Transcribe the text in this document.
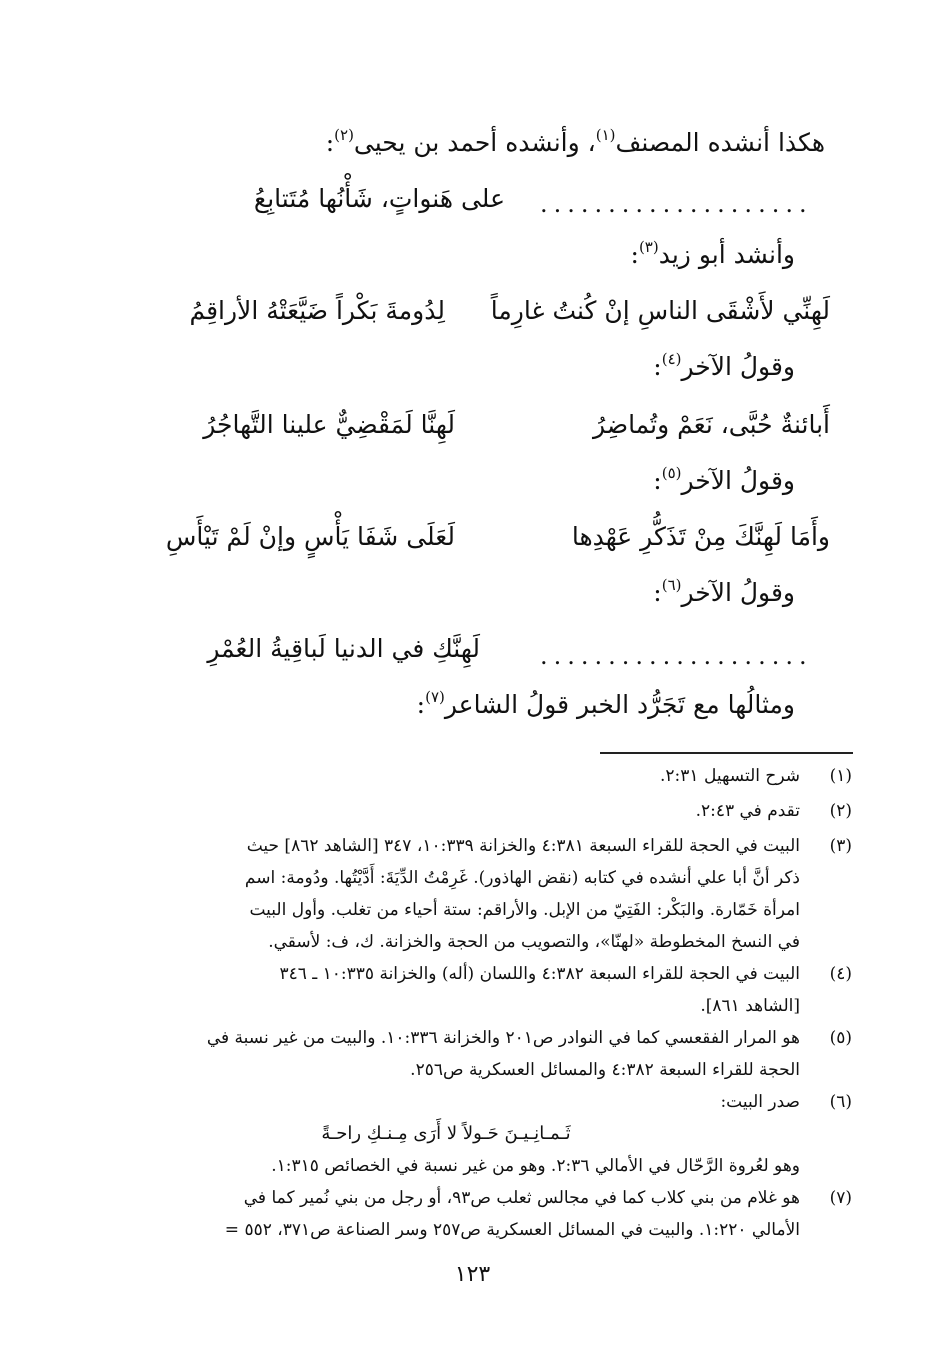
هكذا أنشده المصنف$^{(١)}$، وأنشده أحمد بن يحيى$^{(٢)}$:
....................
على هَنواتٍ، شَأْنُها مُتَتابِعُ
وأنشد أبو زيد$^{(٣)}$:
لَهِنِّي لأَشْقَى الناسِ إنْ كُنتُ غارِماً
لِدُومةَ بَكْراً ضَيَّعَتْهُ الأراقِمُ
وقولُ الآخر$^{(٤)}$:
أَبائنةٌ حُبَّى، نَعَمْ وتُماضِرُ
لَهِنَّا لَمَقْضِيٌّ علينا التَّهاجُرُ
وقولُ الآخر$^{(٥)}$:
وأَمَا لَهِنَّكَ مِنْ تَذَكُّرِ عَهْدِها
لَعَلَى شَفَا يَأْسٍ وإنْ لَمْ تَيْأَسِ
وقولُ الآخر$^{(٦)}$:
....................
لَهِنَّكِ في الدنيا لَباقِيةُ العُمْرِ
ومثالُها مع تَجَرُّد الخبر قولُ الشاعر$^{(٧)}$:
(١)

شرح التسهيل ٢:٣١.

(٢)

تقدم في ٢:٤٣.

(٣)

البيت في الحجة للقراء السبعة ٤:٣٨١ والخزانة ١٠:٣٣٩، ٣٤٧ [الشاهد ٨٦٢] حيث

ذكر أنَّ أبا علي أنشده في كتابه (نقض الهاذور). غَرِمْتُ الدِّيَةَ: أَدَّيْتُها. ودُومة: اسم

امرأة خَمّارة. والبَكْر: الفَتِيّ من الإبل. والأراقم: ستة أحياء من تغلب. وأول البيت

في النسخ المخطوطة «لهنّا»، والتصويب من الحجة والخزانة. ك، ف: لأسقي.

(٤)

البيت في الحجة للقراء السبعة ٤:٣٨٢ واللسان (أله) والخزانة ١٠:٣٣٥ ـ ٣٤٦

[الشاهد ٨٦١].

(٥)

هو المرار الفقعسي كما في النوادر ص٢٠١ والخزانة ١٠:٣٣٦. والبيت من غير نسبة في

الحجة للقراء السبعة ٤:٣٨٢ والمسائل العسكرية ص٢٥٦.

(٦)

صدر البيت:

ثَـمـانِـيـنَ حَـولاً لا أَرَى مِـنـكِ راحـةً

وهو لعُروة الرَّحّال في الأمالي ٢:٣٦. وهو من غير نسبة في الخصائص ١:٣١٥.

(٧)

هو غلام من بني كلاب كما في مجالس ثعلب ص٩٣، أو رجل من بني نُمير كما في

الأمالي ١:٢٢٠. والبيت في المسائل العسكرية ص٢٥٧ وسر الصناعة ص٣٧١، ٥٥٢ =

١٢٣
